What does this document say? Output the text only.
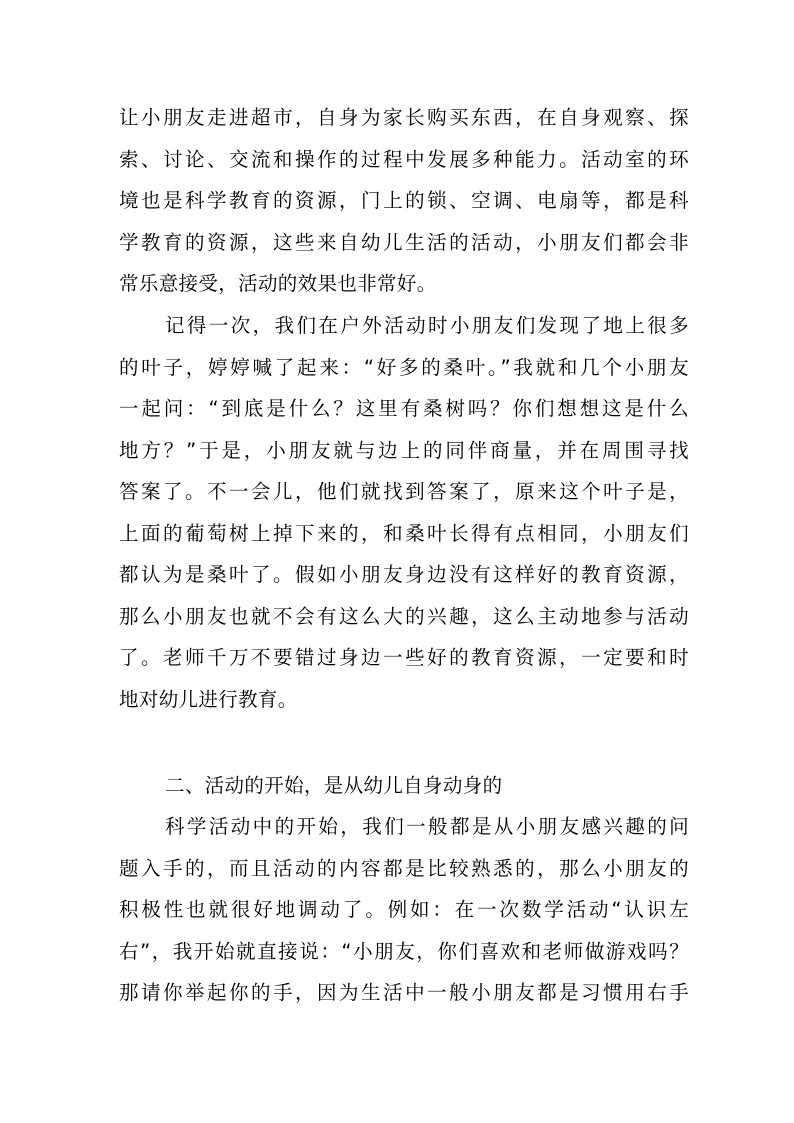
让小朋友走进超市，自身为家长购买东西，在自身观察、探
索、讨论、交流和操作的过程中发展多种能力。活动室的环
境也是科学教育的资源，门上的锁、空调、电扇等，都是科
学教育的资源，这些来自幼儿生活的活动，小朋友们都会非
常乐意接受，活动的效果也非常好。
记得一次，我们在户外活动时小朋友们发现了地上很多
的叶子，婷婷喊了起来：“好多的桑叶。”我就和几个小朋友
一起问：“到底是什么？这里有桑树吗？你们想想这是什么
地方？”于是，小朋友就与边上的同伴商量，并在周围寻找
答案了。不一会儿，他们就找到答案了，原来这个叶子是，
上面的葡萄树上掉下来的，和桑叶长得有点相同，小朋友们
都认为是桑叶了。假如小朋友身边没有这样好的教育资源，
那么小朋友也就不会有这么大的兴趣，这么主动地参与活动
了。老师千万不要错过身边一些好的教育资源，一定要和时
地对幼儿进行教育。
二、活动的开始，是从幼儿自身动身的
科学活动中的开始，我们一般都是从小朋友感兴趣的问
题入手的，而且活动的内容都是比较熟悉的，那么小朋友的
积极性也就很好地调动了。例如：在一次数学活动“认识左
右”，我开始就直接说：“小朋友，你们喜欢和老师做游戏吗？
那请你举起你的手，因为生活中一般小朋友都是习惯用右手
